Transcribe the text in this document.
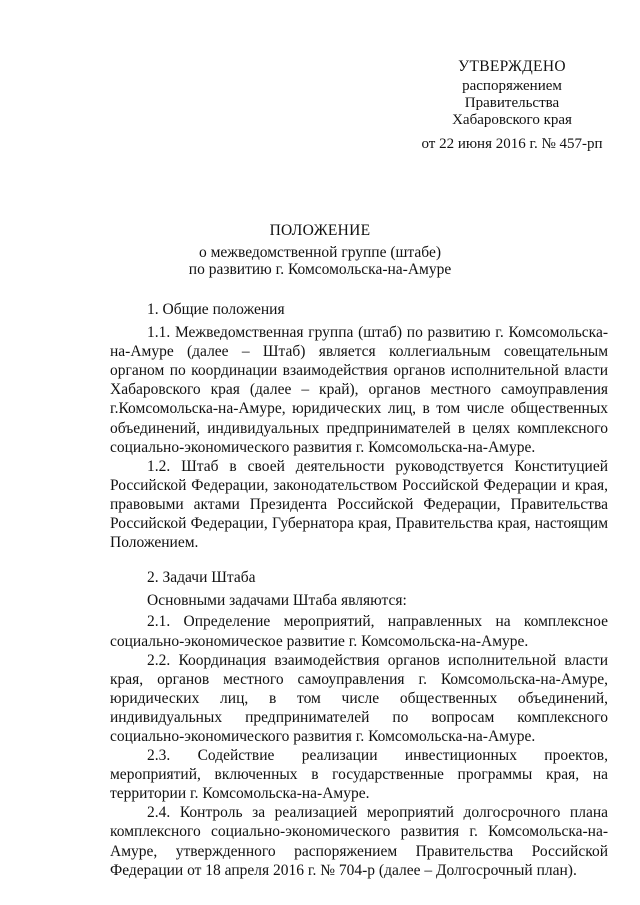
УТВЕРЖДЕНО
распоряжением
Правительства
Хабаровского края
от 22 июня 2016 г. № 457-рп
ПОЛОЖЕНИЕ
о межведомственной группе (штабе)
по развитию г. Комсомольска-на-Амуре

1. Общие положения

1.1. Межведомственная группа (штаб) по развитию г. Комсомольска-на-Амуре (далее – Штаб) является коллегиальным совещательным органом по координации взаимодействия органов исполнительной власти Хабаровского края (далее – край), органов местного самоуправления г.Комсомольска-на-Амуре, юридических лиц, в том числе общественных объединений, индивидуальных предпринимателей в целях комплексного социально-экономического развития г. Комсомольска-на-Амуре.

1.2. Штаб в своей деятельности руководствуется Конституцией Российской Федерации, законодательством Российской Федерации и края, правовыми актами Президента Российской Федерации, Правительства Российской Федерации, Губернатора края, Правительства края, настоящим Положением.

2. Задачи Штаба

Основными задачами Штаба являются:

2.1. Определение мероприятий, направленных на комплексное социально-экономическое развитие г. Комсомольска-на-Амуре.

2.2. Координация взаимодействия органов исполнительной власти края, органов местного самоуправления г. Комсомольска-на-Амуре, юридических лиц, в том числе общественных объединений, индивидуальных предпринимателей по вопросам комплексного социально-экономического развития г. Комсомольска-на-Амуре.

2.3. Содействие реализации инвестиционных проектов, мероприятий, включенных в государственные программы края, на территории г. Комсомольска-на-Амуре.

2.4. Контроль за реализацией мероприятий долгосрочного плана комплексного социально-экономического развития г. Комсомольска-на-Амуре, утвержденного распоряжением Правительства Российской Федерации от 18 апреля 2016 г. № 704-р (далее – Долгосрочный план).
